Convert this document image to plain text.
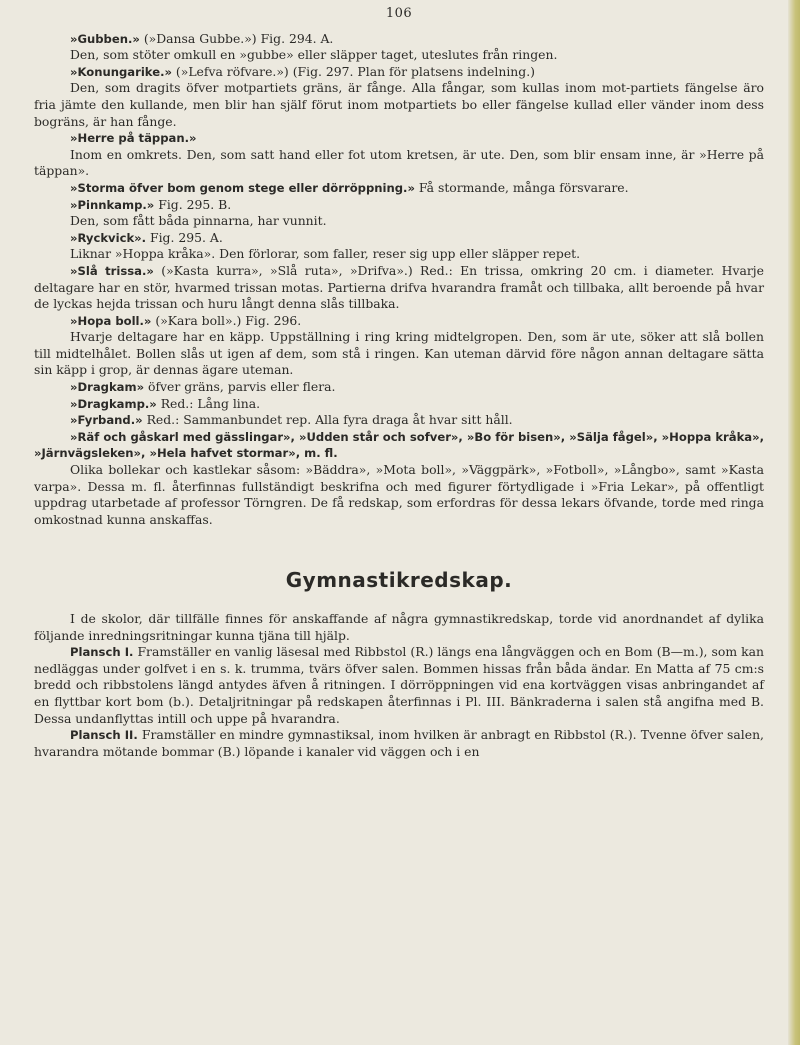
106

»Gubben.» (»Dansa Gubbe.») Fig. 294. A.

Den, som stöter omkull en »gubbe» eller släpper taget, uteslutes från ringen.

»Konungarike.» (»Lefva röfvare.») (Fig. 297. Plan för platsens indelning.)

Den, som dragits öfver motpartiets gräns, är fånge. Alla fångar, som kullas inom mot-partiets fängelse äro fria jämte den kullande, men blir han själf förut inom motpartiets bo eller fängelse kullad eller vänder inom dess bogräns, är han fånge.

»Herre på täppan.»

Inom en omkrets. Den, som satt hand eller fot utom kretsen, är ute. Den, som blir ensam inne, är »Herre på täppan».

»Storma öfver bom genom stege eller dörröppning.» Få stormande, många försvarare.

»Pinnkamp.» Fig. 295. B.

Den, som fått båda pinnarna, har vunnit.

»Ryckvick». Fig. 295. A.

Liknar »Hoppa kråka». Den förlorar, som faller, reser sig upp eller släpper repet.

»Slå trissa.» (»Kasta kurra», »Slå ruta», »Drifva».) Red.: En trissa, omkring 20 cm. i diameter. Hvarje deltagare har en stör, hvarmed trissan motas. Partierna drifva hvarandra framåt och tillbaka, allt beroende på hvar de lyckas hejda trissan och huru långt denna slås tillbaka.

»Hopa boll.» (»Kara boll».) Fig. 296.

Hvarje deltagare har en käpp. Uppställning i ring kring midtelgropen. Den, som är ute, söker att slå bollen till midtelhålet. Bollen slås ut igen af dem, som stå i ringen. Kan uteman därvid före någon annan deltagare sätta sin käpp i grop, är dennas ägare uteman.

»Dragkam» öfver gräns, parvis eller flera.

»Dragkamp.» Red.: Lång lina.

»Fyrband.» Red.: Sammanbundet rep. Alla fyra draga åt hvar sitt håll.

»Räf och gåskarl med gässlingar», »Udden står och sofver», »Bo för bisen», »Sälja fågel», »Hoppa kråka», »Järnvägsleken», »Hela hafvet stormar», m. fl.

Olika bollekar och kastlekar såsom: »Bäddra», »Mota boll», »Väggpärk», »Fotboll», »Långbo», samt »Kasta varpa». Dessa m. fl. återfinnas fullständigt beskrifna och med figurer förtydligade i »Fria Lekar», på offentligt uppdrag utarbetade af professor Törngren. De få redskap, som erfordras för dessa lekars öfvande, torde med ringa omkostnad kunna anskaffas.

Gymnastikredskap.

I de skolor, där tillfälle finnes för anskaffande af några gymnastikredskap, torde vid anordnandet af dylika följande inredningsritningar kunna tjäna till hjälp.

Plansch I. Framställer en vanlig läsesal med Ribbstol (R.) längs ena långväggen och en Bom (B—m.), som kan nedläggas under golfvet i en s. k. trumma, tvärs öfver salen. Bommen hissas från båda ändar. En Matta af 75 cm:s bredd och ribbstolens längd antydes äfven å ritningen. I dörröppningen vid ena kortväggen visas anbringandet af en flyttbar kort bom (b.). Detaljritningar på redskapen återfinnas i Pl. III. Bänkraderna i salen stå angifna med B. Dessa undanflyttas intill och uppe på hvarandra.

Plansch II. Framställer en mindre gymnastiksal, inom hvilken är anbragt en Ribbstol (R.). Tvenne öfver salen, hvarandra mötande bommar (B.) löpande i kanaler vid väggen och i en
